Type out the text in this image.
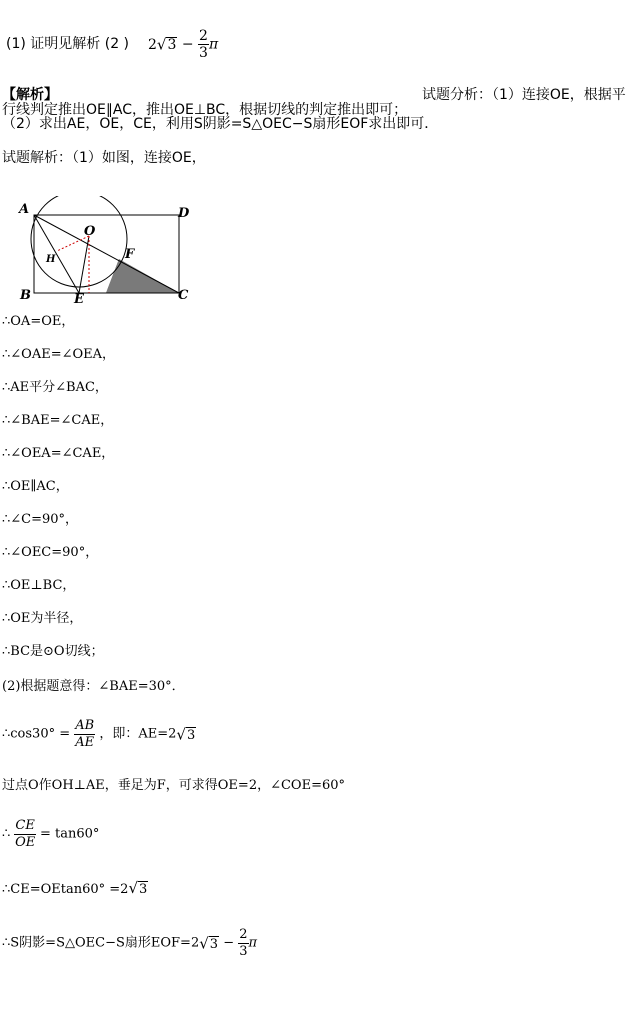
(1) 证明见解析 (2 ) $2√3 - \frac{2}{3}$ π
【解析】	试题分析：（1）连接OE，根据平
行线判定推出OE∥AC，推出OE⊥BC，根据切线的判定推出即可；
（2）求出AE，OE，CE，利用S阴影=S△OEC−S扇形EOF求出即可．
试题解析：（1）如图，连接OE，
A	D
O
F
H
B	E	C
∴OA=OE，
∴∠OAE=∠OEA，
∴AE平分∠BAC，
∴∠BAE=∠CAE，
∴∠OEA=∠CAE，
∴OE∥AC，
∴∠C=90°，
∴∠OEC=90°，
∴OE⊥BC，
∴OE为半径，
∴BC是⊙O切线；
(2)根据题意得：∠BAE=30°．
∴cos30° = $\frac{AB}{AE}$ ，即：AE=2√3
过点O作OH⊥AE，垂足为F，可求得OE=2，∠COE=60°
∴ $\frac{CE}{OE} = \tan 60^\circ$
∴CE=OEtan60° =2√3
∴S阴影=S△OEC−S扇形$EOF=2√3 - \frac{2}{3}$ π
